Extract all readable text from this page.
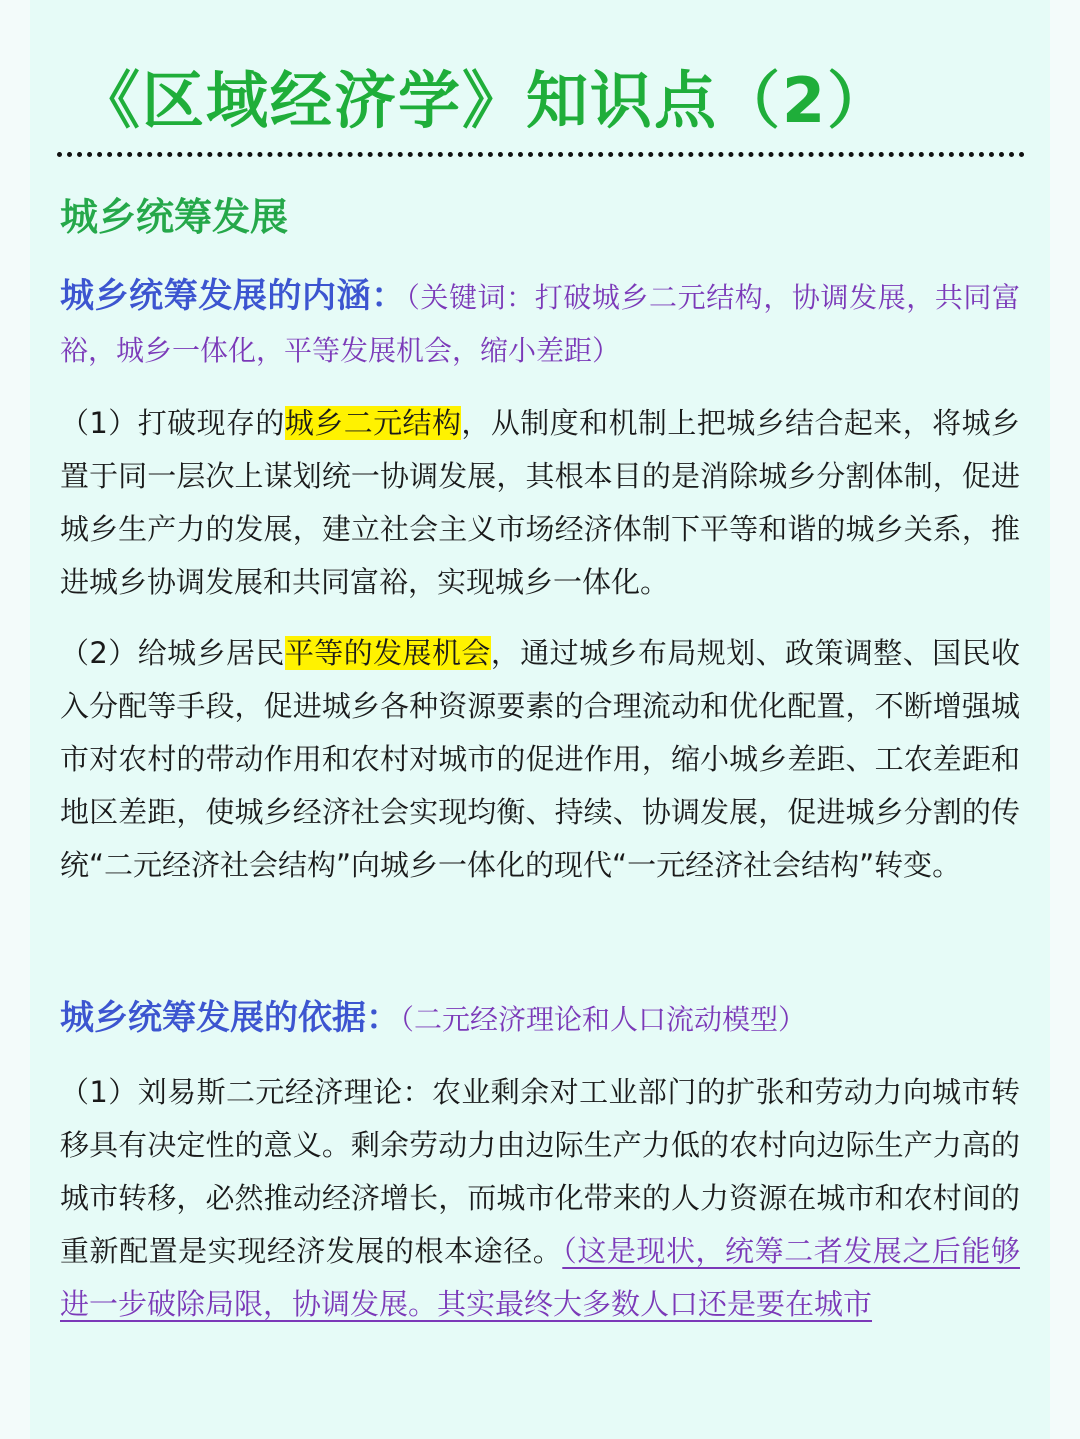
《区域经济学》知识点（2）
城乡统筹发展

城乡统筹发展的内涵：（关键词：打破城乡二元结构，协调发展，共同富裕，城乡一体化，平等发展机会，缩小差距）

（1）打破现存的城乡二元结构，从制度和机制上把城乡结合起来，将城乡置于同一层次上谋划统一协调发展，其根本目的是消除城乡分割体制，促进城乡生产力的发展，建立社会主义市场经济体制下平等和谐的城乡关系，推进城乡协调发展和共同富裕，实现城乡一体化。

（2）给城乡居民平等的发展机会，通过城乡布局规划、政策调整、国民收入分配等手段，促进城乡各种资源要素的合理流动和优化配置，不断增强城市对农村的带动作用和农村对城市的促进作用，缩小城乡差距、工农差距和地区差距，使城乡经济社会实现均衡、持续、协调发展，促进城乡分割的传统“二元经济社会结构”向城乡一体化的现代“一元经济社会结构”转变。

城乡统筹发展的依据：（二元经济理论和人口流动模型）

（1）刘易斯二元经济理论：农业剩余对工业部门的扩张和劳动力向城市转移具有决定性的意义。剩余劳动力由边际生产力低的农村向边际生产力高的城市转移，必然推动经济增长，而城市化带来的人力资源在城市和农村间的重新配置是实现经济发展的根本途径。（这是现状，统筹二者发展之后能够进一步破除局限，协调发展。其实最终大多数人口还是要在城市
